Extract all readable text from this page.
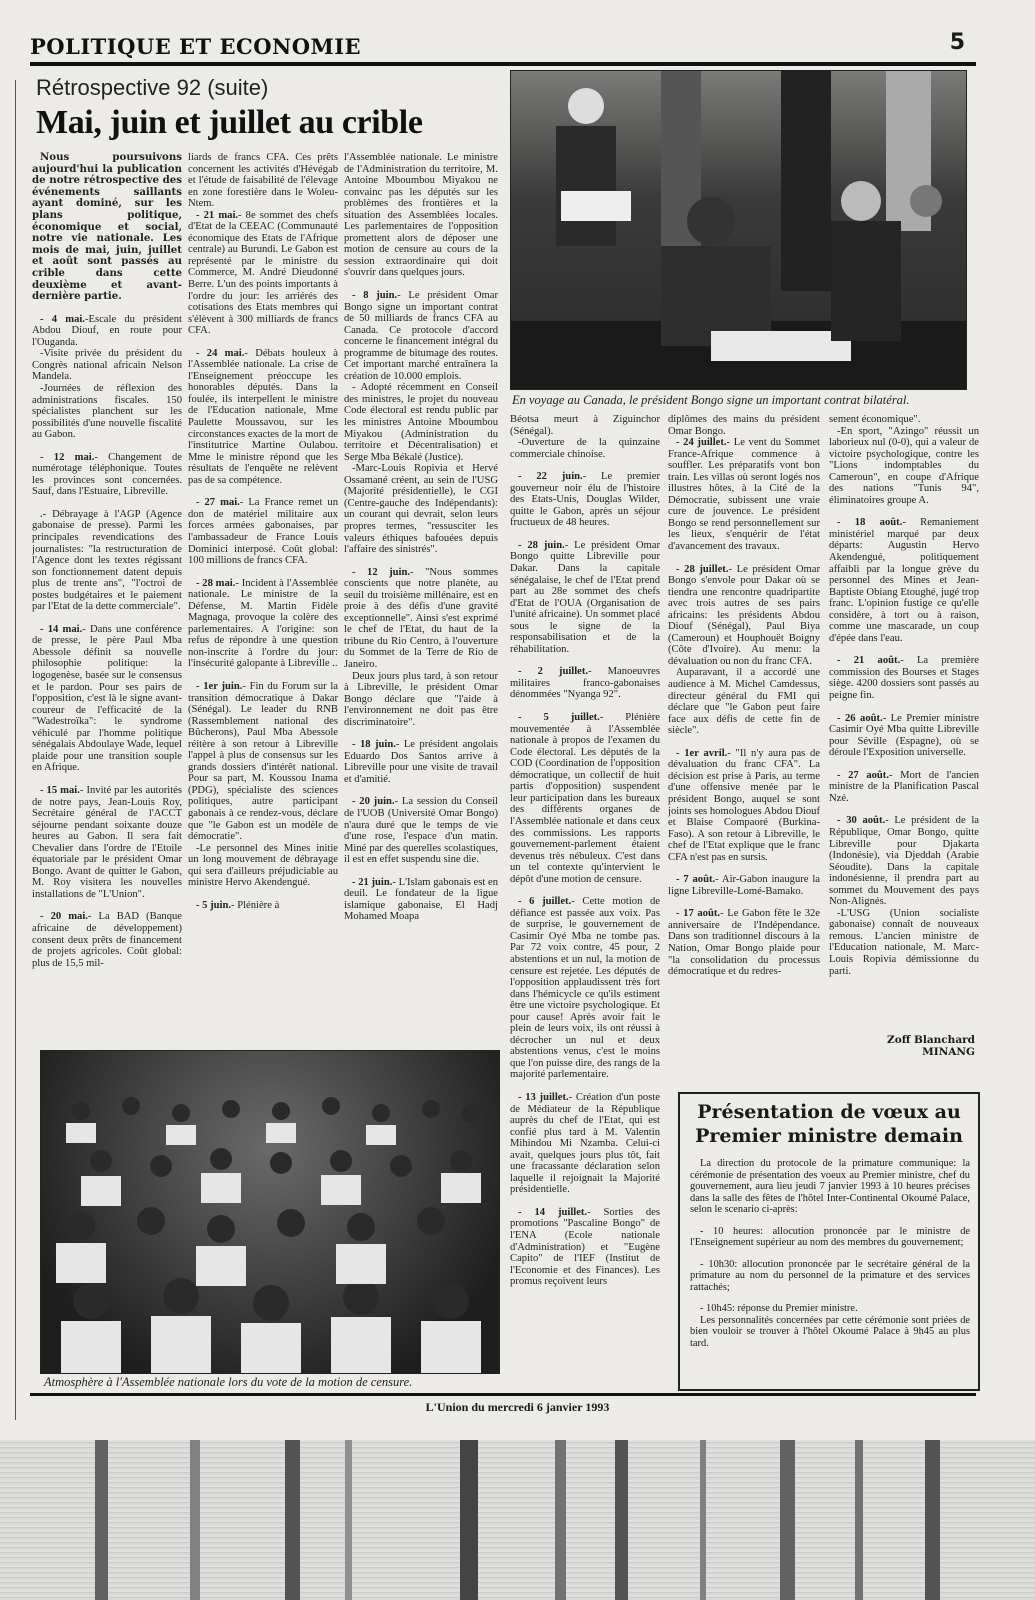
POLITIQUE ET ECONOMIE	5
Rétrospective 92 (suite)
Mai, juin et juillet au crible

Nous poursuivons aujourd'hui la publication de notre rétrospective des événements saillants ayant dominé, sur les plans politique, économique et social, notre vie nationale. Les mois de mai, juin, juillet et août sont passés au crible dans cette deuxième et avant-dernière partie.

- 4 mai.-Escale du président Abdou Diouf, en route pour l'Ouganda.

-Visite privée du président du Congrès national africain Nelson Mandela.

-Journées de réflexion des administrations fiscales. 150 spécialistes planchent sur les possibilités d'une nouvelle fiscalité au Gabon.

- 12 mai.- Changement de numérotage téléphonique. Toutes les provinces sont concernées. Sauf, dans l'Estuaire, Libreville.

.- Débrayage à l'AGP (Agence gabonaise de presse). Parmi les principales revendications des journalistes: "la restructuration de l'Agence dont les textes régissant son fonctionnement datent depuis plus de trente ans", "l'octroi de postes budgétaires et le paiement par l'Etat de la dette commerciale".

- 14 mai.- Dans une conférence de presse, le père Paul Mba Abessole définit sa nouvelle philosophie politique: la logogenèse, basée sur le consensus et le pardon. Pour ses pairs de l'opposition, c'est là le signe avant-coureur de l'efficacité de la "Wadestroïka": le syndrome véhiculé par l'homme politique sénégalais Abdoulaye Wade, lequel plaide pour une transition souple en Afrique.

- 15 mai.- Invité par les autorités de notre pays, Jean-Louis Roy, Secrétaire général de l'ACCT séjourne pendant soixante douze heures au Gabon. Il sera fait Chevalier dans l'ordre de l'Etoile équatoriale par le président Omar Bongo. Avant de quitter le Gabon, M. Roy visitera les nouvelles installations de "L'Union".

- 20 mai.- La BAD (Banque africaine de développement) consent deux prêts de financement de projets agricoles. Coût global: plus de 15,5 mil-

liards de francs CFA. Ces prêts concernent les activités d'Hévégab et l'étude de faisabilité de l'élevage en zone forestière dans le Woleu-Ntem.

- 21 mai.- 8e sommet des chefs d'Etat de la CEEAC (Communauté économique des Etats de l'Afrique centrale) au Burundi. Le Gabon est représenté par le ministre du Commerce, M. André Dieudonné Berre. L'un des points importants à l'ordre du jour: les arriérés des cotisations des Etats membres qui s'élèvent à 300 milliards de francs CFA.

- 24 mai.- Débats houleux à l'Assemblée nationale. La crise de l'Enseignement préoccupe les honorables députés. Dans la foulée, ils interpellent le ministre de l'Education nationale, Mme Paulette Moussavou, sur les circonstances exactes de la mort de l'institutrice Martine Oulabou. Mme le ministre répond que les résultats de l'enquête ne relèvent pas de sa compétence.

- 27 mai.- La France remet un don de matériel militaire aux forces armées gabonaises, par l'ambassadeur de France Louis Dominici interposé. Coût global: 100 millions de francs CFA.

- 28 mai.- Incident à l'Assemblée nationale. Le ministre de la Défense, M. Martin Fidèle Magnaga, provoque la colère des parlementaires. A l'origine: son refus de répondre à une question non-inscrite à l'ordre du jour: l'insécurité galopante à Libreville ..

- 1er juin.- Fin du Forum sur la transition démocratique à Dakar (Sénégal). Le leader du RNB (Rassemblement national des Bûcherons), Paul Mba Abessole réitère à son retour à Libreville l'appel à plus de consensus sur les grands dossiers d'intérêt national. Pour sa part, M. Koussou Inama (PDG), spécialiste des sciences politiques, autre participant gabonais à ce rendez-vous, déclare que "le Gabon est un modèle de démocratie".

-Le personnel des Mines initie un long mouvement de débrayage qui sera d'ailleurs préjudiciable au ministre Hervo Akendengué.

- 5 juin.- Plénière à

l'Assemblée nationale. Le ministre de l'Administration du territoire, M. Antoine Mboumbou Miyakou ne convainc pas les députés sur les problèmes des frontières et la situation des Assemblées locales. Les parlementaires de l'opposition promettent alors de déposer une motion de censure au cours de la session extraordinaire qui doit s'ouvrir dans quelques jours.

- 8 juin.- Le président Omar Bongo signe un important contrat de 50 milliards de francs CFA au Canada. Ce protocole d'accord concerne le financement intégral du programme de bitumage des routes. Cet important marché entraînera la création de 10.000 emplois.

- Adopté récemment en Conseil des ministres, le projet du nouveau Code électoral est rendu public par les ministres Antoine Mboumbou Miyakou (Administration du territoire et Décentralisation) et Serge Mba Békalé (Justice).

-Marc-Louis Ropivia et Hervé Ossamané créent, au sein de l'USG (Majorité présidentielle), le CGI (Centre-gauche des Indépendants): un courant qui devrait, selon leurs propres termes, "ressusciter les valeurs éthiques bafouées depuis l'affaire des sinistrés".

- 12 juin.- "Nous sommes conscients que notre planète, au seuil du troisième millénaire, est en proie à des défis d'une gravité exceptionnelle". Ainsi s'est exprimé le chef de l'Etat, du haut de la tribune du Rio Centro, à l'ouverture du Sommet de la Terre de Rio de Janeiro.

Deux jours plus tard, à son retour à Libreville, le président Omar Bongo déclare que "l'aide à l'environnement ne doit pas être discriminatoire".

- 18 juin.- Le président angolais Eduardo Dos Santos arrive à Libreville pour une visite de travail et d'amitié.

- 20 juin.- La session du Conseil de l'UOB (Université Omar Bongo) n'aura duré que le temps de vie d'une rose, l'espace d'un matin. Miné par des querelles scolastiques, il est en effet suspendu sine die.

- 21 juin.- L'Islam gabonais est en deuil. Le fondateur de la ligue islamique gabonaise, El Hadj Mohamed Moapa

Béotsa meurt à Ziguinchor (Sénégal).

-Ouverture de la quinzaine commerciale chinoise.

- 22 juin.- Le premier gouverneur noir élu de l'histoire des Etats-Unis, Douglas Wilder, quitte le Gabon, après un séjour fructueux de 48 heures.

- 28 juin.- Le président Omar Bongo quitte Libreville pour Dakar. Dans la capitale sénégalaise, le chef de l'Etat prend part au 28e sommet des chefs d'Etat de l'OUA (Organisation de l'unité africaine). Un sommet placé sous le signe de la responsabilisation et de la réhabilitation.

- 2 juillet.- Manoeuvres militaires franco-gabonaises dénommées "Nyanga 92".

- 5 juillet.- Plénière mouvementée à l'Assemblée nationale à propos de l'examen du Code électoral. Les députés de la COD (Coordination de l'opposition démocratique, un collectif de huit partis d'opposition) suspendent leur participation dans les bureaux des différents organes de l'Assemblée nationale et dans ceux des commissions. Les rapports gouvernement-parlement étaient devenus très nébuleux. C'est dans un tel contexte qu'intervient le dépôt d'une motion de censure.

- 6 juillet.- Cette motion de défiance est passée aux voix. Pas de surprise, le gouvernement de Casimir Oyé Mba ne tombe pas. Par 72 voix contre, 45 pour, 2 abstentions et un nul, la motion de censure est rejetée. Les députés de l'opposition applaudissent très fort dans l'hémicycle ce qu'ils estiment être une victoire psychologique. Et pour cause! Après avoir fait le plein de leurs voix, ils ont réussi à décrocher un nul et deux abstentions venus, c'est le moins que l'on puisse dire, des rangs de la majorité parlementaire.

- 13 juillet.- Création d'un poste de Médiateur de la République auprès du chef de l'Etat, qui est confié plus tard à M. Valentin Mihindou Mi Nzamba. Celui-ci avait, quelques jours plus tôt, fait une fracassante déclaration selon laquelle il rejoignait la Majorité présidentielle.

- 14 juillet.- Sorties des promotions "Pascaline Bongo" de l'ENA (Ecole nationale d'Administration) et "Eugène Capito" de l'IEF (Institut de l'Economie et des Finances). Les promus reçoivent leurs

diplômes des mains du président Omar Bongo.

- 24 juillet.- Le vent du Sommet France-Afrique commence à souffler. Les préparatifs vont bon train. Les villas où seront logés nos illustres hôtes, à la Cité de la Démocratie, subissent une vraie cure de jouvence. Le président Bongo se rend personnellement sur les lieux, s'enquérir de l'état d'avancement des travaux.

- 28 juillet.- Le président Omar Bongo s'envole pour Dakar où se tiendra une rencontre quadripartite avec trois autres de ses pairs africains: les présidents Abdou Diouf (Sénégal), Paul Biya (Cameroun) et Houphouët Boigny (Côte d'Ivoire). Au menu: la dévaluation ou non du franc CFA.

Auparavant, il a accordé une audience à M. Michel Camdessus, directeur général du FMI qui déclare que "le Gabon peut faire face aux défis de cette fin de siècle".

- 1er avril.- "Il n'y aura pas de dévaluation du franc CFA". La décision est prise à Paris, au terme d'une offensive menée par le président Bongo, auquel se sont joints ses homologues Abdou Diouf et Blaise Compaoré (Burkina-Faso). A son retour à Libreville, le chef de l'Etat explique que le franc CFA n'est pas en sursis.

- 7 août.- Air-Gabon inaugure la ligne Libreville-Lomé-Bamako.

- 17 août.- Le Gabon fête le 32e anniversaire de l'Indépendance. Dans son traditionnel discours à la Nation, Omar Bongo plaide pour "la consolidation du processus démocratique et du redres-

sement économique".

-En sport, "Azingo" réussit un laborieux nul (0-0), qui a valeur de victoire psychologique, contre les "Lions indomptables du Cameroun", en coupe d'Afrique des nations "Tunis 94", éliminatoires groupe A.

- 18 août.- Remaniement ministériel marqué par deux départs: Augustin Hervo Akendengué, politiquement affaibli par la longue grève du personnel des Mines et Jean-Baptiste Obiang Etoughé, jugé trop franc. L'opinion fustige ce qu'elle considère, à tort ou à raison, comme une mascarade, un coup d'épée dans l'eau.

- 21 août.- La première commission des Bourses et Stages siège. 4200 dossiers sont passés au peigne fin.

- 26 août.- Le Premier ministre Casimir Oyé Mba quitte Libreville pour Séville (Espagne), où se déroule l'Exposition universelle.

- 27 août.- Mort de l'ancien ministre de la Planification Pascal Nzé.

- 30 août.- Le président de la République, Omar Bongo, quitte Libreville pour Djakarta (Indonésie), via Djeddah (Arabie Séoudite). Dans la capitale indonésienne, il prendra part au sommet du Mouvement des pays Non-Alignés.

-L'USG (Union socialiste gabonaise) connaît de nouveaux remous. L'ancien ministre de l'Education nationale, M. Marc-Louis Ropivia démissionne du parti.

Zoff Blanchard
MINANG
En voyage au Canada, le président Bongo signe un important contrat bilatéral.
Atmosphère à l'Assemblée nationale lors du vote de la motion de censure.
Présentation de vœux au
Premier ministre demain

La direction du protocole de la primature communique: la cérémonie de présentation des voeux au Premier ministre, chef du gouvernement, aura lieu jeudi 7 janvier 1993 à 10 heures précises dans la salle des fêtes de l'hôtel Inter-Continental Okoumé Palace, selon le scenario ci-après:

- 10 heures: allocution prononcée par le ministre de l'Enseignement supérieur au nom des membres du gouvernement;

- 10h30: allocution prononcée par le secrétaire général de la primature au nom du personnel de la primature et des services rattachés;

- 10h45: réponse du Premier ministre.

Les personnalités concernées par cette cérémonie sont priées de bien vouloir se trouver à l'hôtel Okoumé Palace à 9h45 au plus tard.

L'Union du mercredi 6 janvier 1993
